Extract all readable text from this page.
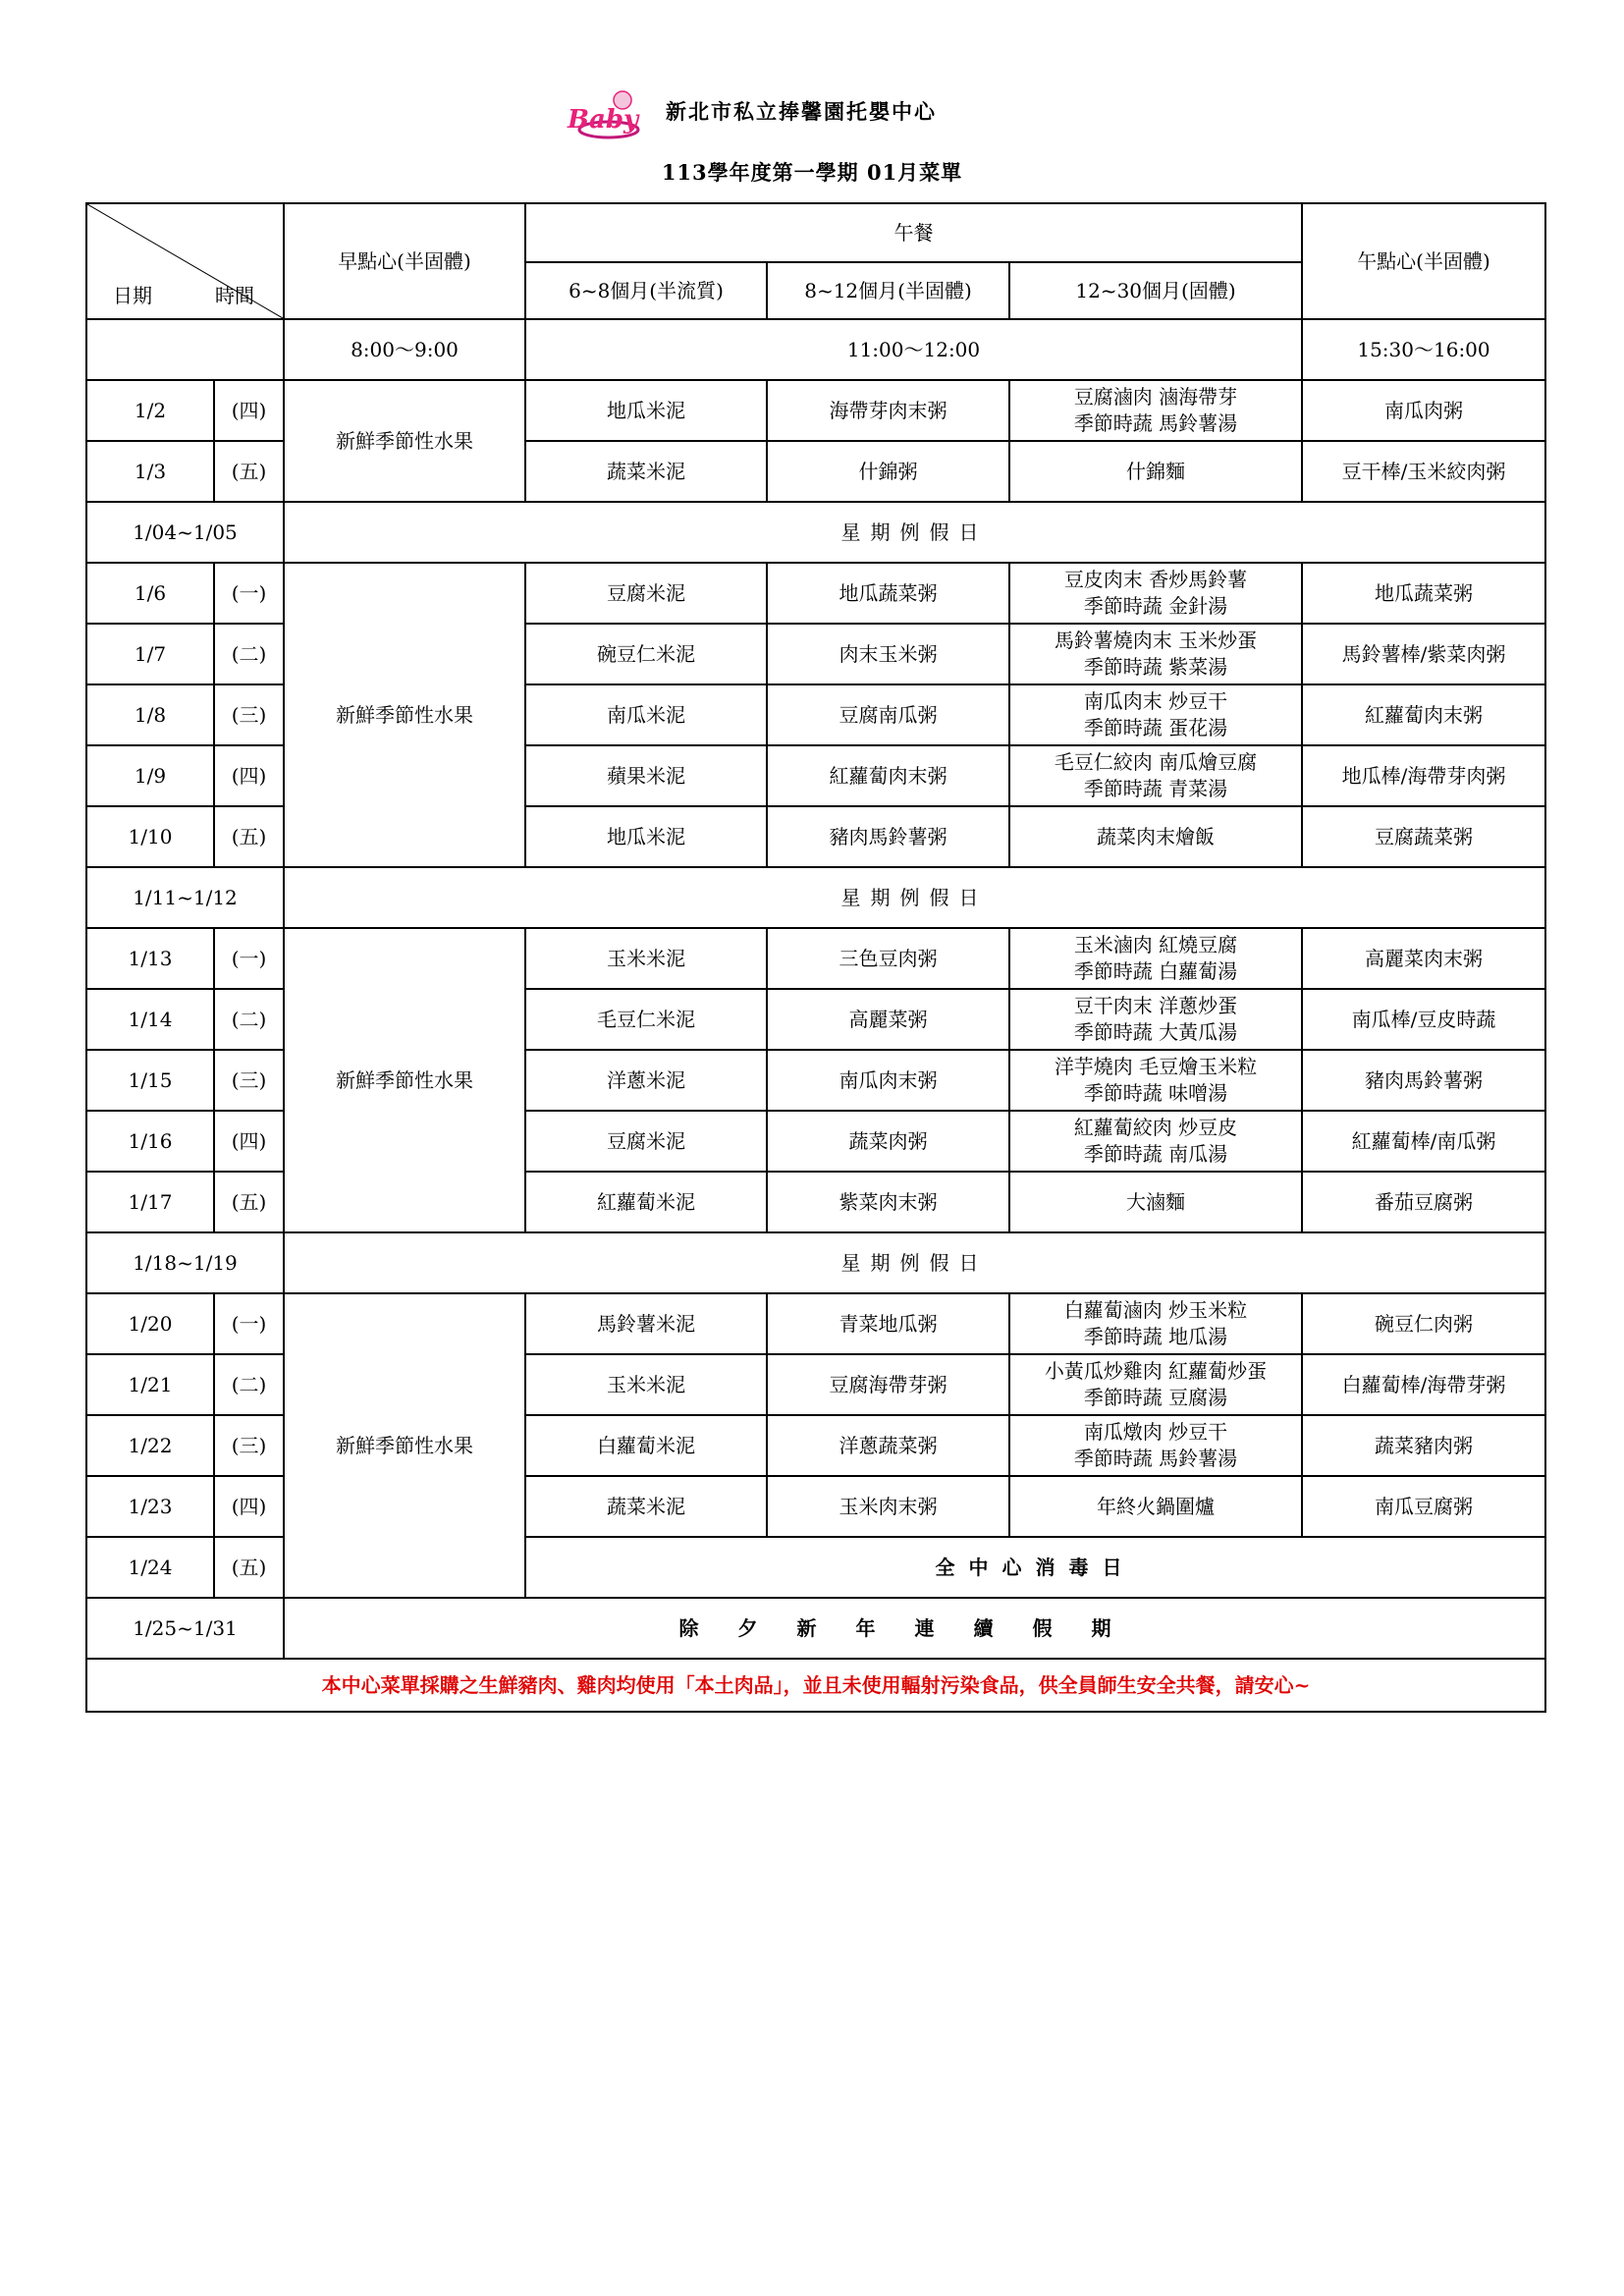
Baby 新北市私立捧馨園托嬰中心
113學年度第一學期 01月菜單
日期 時間		早點心(半固體)	午餐			午點心(半固體)
			6~8個月(半流質)	8~12個月(半固體)	12~30個月(固體)	
		8:00～9:00	11:00～12:00			15:30～16:00
1/2	(四)	新鮮季節性水果	地瓜米泥	海帶芽肉末粥	豆腐滷肉 滷海帶芽
季節時蔬 馬鈴薯湯	南瓜肉粥
1/3	(五)		蔬菜米泥	什錦粥	什錦麵	豆干棒/玉米絞肉粥
1/04~1/05		星期例假日				
1/6	(一)	新鮮季節性水果	豆腐米泥	地瓜蔬菜粥	豆皮肉末 香炒馬鈴薯
季節時蔬 金針湯	地瓜蔬菜粥
1/7	(二)		碗豆仁米泥	肉末玉米粥	馬鈴薯燒肉末 玉米炒蛋
季節時蔬 紫菜湯	馬鈴薯棒/紫菜肉粥
1/8	(三)		南瓜米泥	豆腐南瓜粥	南瓜肉末 炒豆干
季節時蔬 蛋花湯	紅蘿蔔肉末粥
1/9	(四)		蘋果米泥	紅蘿蔔肉末粥	毛豆仁絞肉 南瓜燴豆腐
季節時蔬 青菜湯	地瓜棒/海帶芽肉粥
1/10	(五)		地瓜米泥	豬肉馬鈴薯粥	蔬菜肉末燴飯	豆腐蔬菜粥
1/11~1/12		星期例假日				
1/13	(一)	新鮮季節性水果	玉米米泥	三色豆肉粥	玉米滷肉 紅燒豆腐
季節時蔬 白蘿蔔湯	高麗菜肉末粥
1/14	(二)		毛豆仁米泥	高麗菜粥	豆干肉末 洋蔥炒蛋
季節時蔬 大黃瓜湯	南瓜棒/豆皮時蔬
1/15	(三)		洋蔥米泥	南瓜肉末粥	洋芋燒肉 毛豆燴玉米粒
季節時蔬 味噌湯	豬肉馬鈴薯粥
1/16	(四)		豆腐米泥	蔬菜肉粥	紅蘿蔔絞肉 炒豆皮
季節時蔬 南瓜湯	紅蘿蔔棒/南瓜粥
1/17	(五)		紅蘿蔔米泥	紫菜肉末粥	大滷麵	番茄豆腐粥
1/18~1/19		星期例假日				
1/20	(一)	新鮮季節性水果	馬鈴薯米泥	青菜地瓜粥	白蘿蔔滷肉 炒玉米粒
季節時蔬 地瓜湯	碗豆仁肉粥
1/21	(二)		玉米米泥	豆腐海帶芽粥	小黃瓜炒雞肉 紅蘿蔔炒蛋
季節時蔬 豆腐湯	白蘿蔔棒/海帶芽粥
1/22	(三)		白蘿蔔米泥	洋蔥蔬菜粥	南瓜燉肉 炒豆干
季節時蔬 馬鈴薯湯	蔬菜豬肉粥
1/23	(四)		蔬菜米泥	玉米肉末粥	年終火鍋圍爐	南瓜豆腐粥
1/24	(五)		全中心消毒日			
1/25~1/31		除夕新年連續假期				
本中心菜單採購之生鮮豬肉、雞肉均使用「本土肉品」，並且未使用輻射污染食品，供全員師生安全共餐，請安心~						
